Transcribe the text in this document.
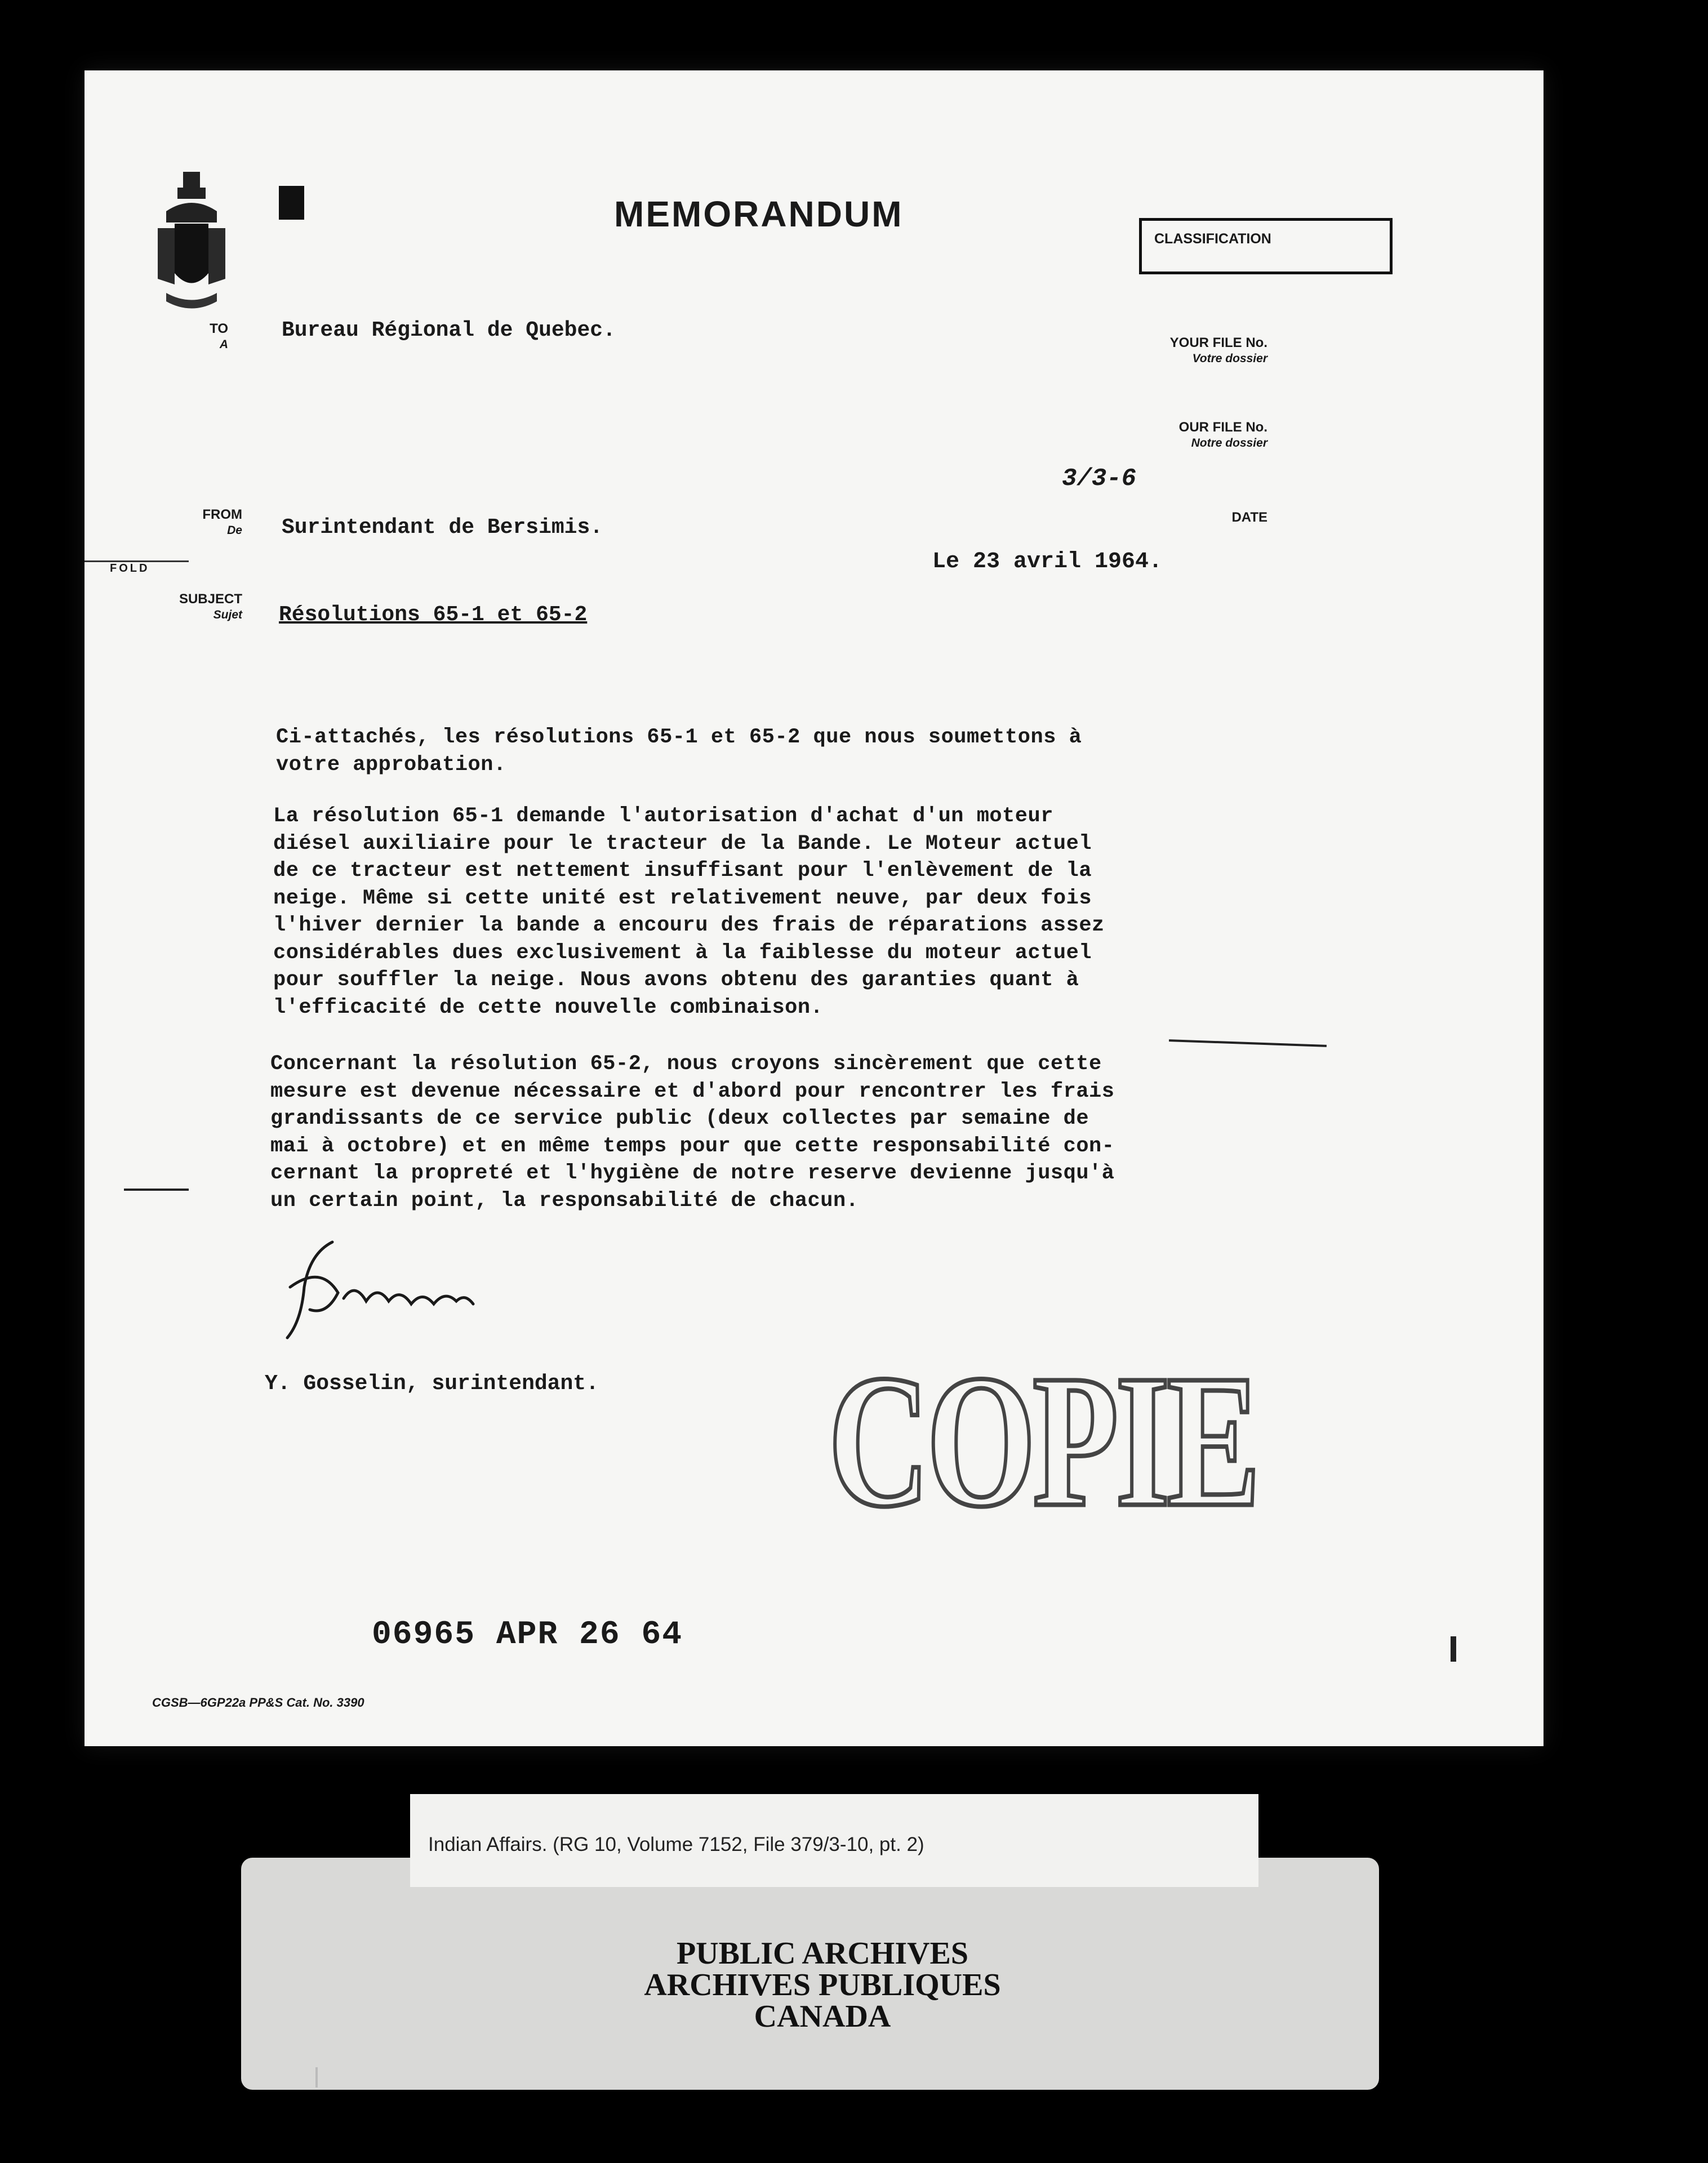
MEMORANDUM
CLASSIFICATION
TO
A
Bureau Régional de Quebec.
YOUR FILE No.
Votre dossier
OUR FILE No.
Notre dossier
3/3-6
DATE
Le 23 avril 1964.
FROM
De Surintendant de Bersimis.
FOLD
SUBJECT
Sujet Résolutions 65-1 et 65-2
Ci-attachés, les résolutions 65-1 et 65-2 que nous soumettons à
votre approbation.
La résolution 65-1 demande l'autorisation d'achat d'un moteur
diésel auxiliaire pour le tracteur de la Bande. Le Moteur actuel
de ce tracteur est nettement insuffisant pour l'enlèvement de la
neige. Même si cette unité est relativement neuve, par deux fois
l'hiver dernier la bande a encouru des frais de réparations assez
considérables dues exclusivement à la faiblesse du moteur actuel
pour souffler la neige. Nous avons obtenu des garanties quant à
l'efficacité de cette nouvelle combinaison.
Concernant la résolution 65-2, nous croyons sincèrement que cette
mesure est devenue nécessaire et d'abord pour rencontrer les frais
grandissants de ce service public (deux collectes par semaine de
mai à octobre) et en même temps pour que cette responsabilité con-
cernant la propreté et l'hygiène de notre reserve devienne jusqu'à
un certain point, la responsabilité de chacun.
Y. Gosselin, surintendant. COPIE
06965 APR 26 64
CGSB—6GP22a PP&S Cat. No. 3390
Indian Affairs. (RG 10, Volume 7152, File 379/3-10, pt. 2)
PUBLIC ARCHIVES
ARCHIVES PUBLIQUES
CANADA
